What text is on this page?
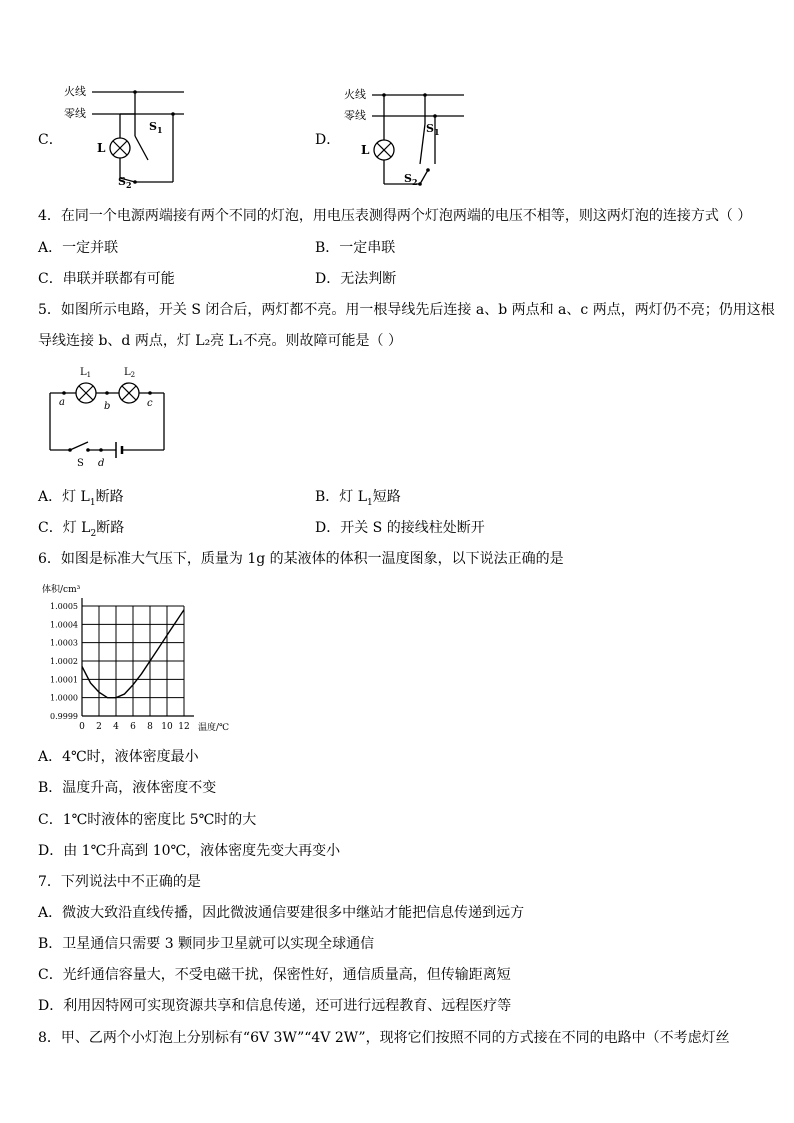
C．
火线
零线
L
$S_1$
$S_2$
D．
火线
零线
L
$S_1$
$S_2$
4．在同一个电源两端接有两个不同的灯泡，用电压表测得两个灯泡两端的电压不相等，则这两灯泡的连接方式（ ）
A．一定并联	B．一定串联
C．串联并联都有可能	D．无法判断
5．如图所示电路，开关 S 闭合后，两灯都不亮。用一根导线先后连接 a、b 两点和 a、c 两点，两灯仍不亮；仍用这根
导线连接 b、d 两点，灯 L₂亮 L₁不亮。则故障可能是（ ）
$L_1$	$L_2$
a	b	c
S d
A．灯 $L_1$断路	B．灯 $L_1$短路
C．灯 $L_2$断路	D．开关 S 的接线柱处断开
6．如图是标准大气压下，质量为 1g 的某液体的体积一温度图象，以下说法正确的是
0 2 4 6 8 10 12
0.9999
1.0000
1.0001
1.0002
1.0003
1.0004
1.0005
体积/cm³
温度/℃
A．4℃时，液体密度最小
B．温度升高，液体密度不变
C．1℃时液体的密度比 5℃时的大
D．由 1℃升高到 10℃，液体密度先变大再变小
7．下列说法中不正确的是
A．微波大致沿直线传播，因此微波通信要建很多中继站才能把信息传递到远方
B．卫星通信只需要 3 颗同步卫星就可以实现全球通信
C．光纤通信容量大，不受电磁干扰，保密性好，通信质量高，但传输距离短
D．利用因特网可实现资源共享和信息传递，还可进行远程教育、远程医疗等
8．甲、乙两个小灯泡上分别标有“6V 3W”“4V 2W”，现将它们按照不同的方式接在不同的电路中（不考虑灯丝
